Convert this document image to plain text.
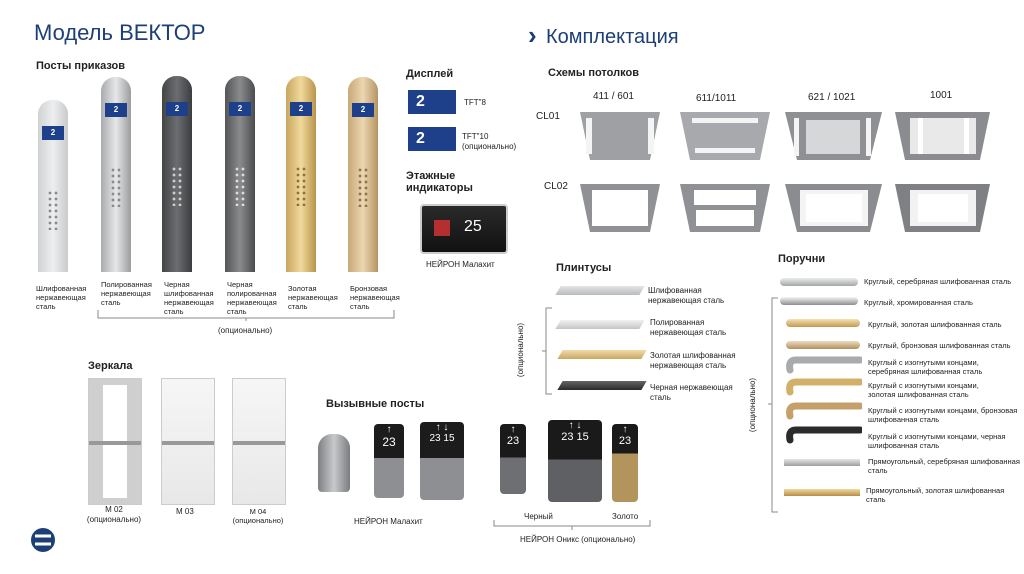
Модель ВЕКТОР	› Комплектация
Посты приказов
2
2	2	2	2	2
Шлифованная нержавеющая сталь
Полированная нержавеющая сталь
Черная шлифованная нержавеющая сталь
Черная полированная нержавеющая сталь
Золотая нержавеющая сталь
Бронзовая нержавеющая сталь
(опционально)
Дисплей
2	TFT"8
2	TFT"10 (опционально)
Этажные индикаторы
25
НЕЙРОН Малахит
Схемы потолков
411 / 601	611/1011	621 / 1021	1001
CL01
CL02
Плинтусы
(опционально)
Шлифованная нержавеющая сталь
Полированная нержавеющая сталь
Золотая шлифованная нержавеющая сталь
Черная нержавеющая сталь
Поручни
(опционально)
Круглый, серебряная шлифованная сталь
Круглый, хромированная сталь
Круглый, золотая шлифованная сталь
Круглый, бронзовая шлифованная сталь
Круглый с изогнутыми концами, серебряная шлифованная сталь
Круглый с изогнутыми концами, золотая шлифованная сталь
Круглый с изогнутыми концами, бронзовая шлифованная сталь
Круглый с изогнутыми концами, черная шлифованная сталь
Прямоугольный, серебряная шлифованная сталь
Прямоугольный, золотая шлифованная сталь
Зеркала
М 02 (опционально)
М 03	М 04 (опционально)
Вызывные посты
↑
23
↑ ↓
23 15
НЕЙРОН Малахит
↑
23
↑ ↓
23 15
↑
23
Черный	Золото
НЕЙРОН Оникс (опционально)
